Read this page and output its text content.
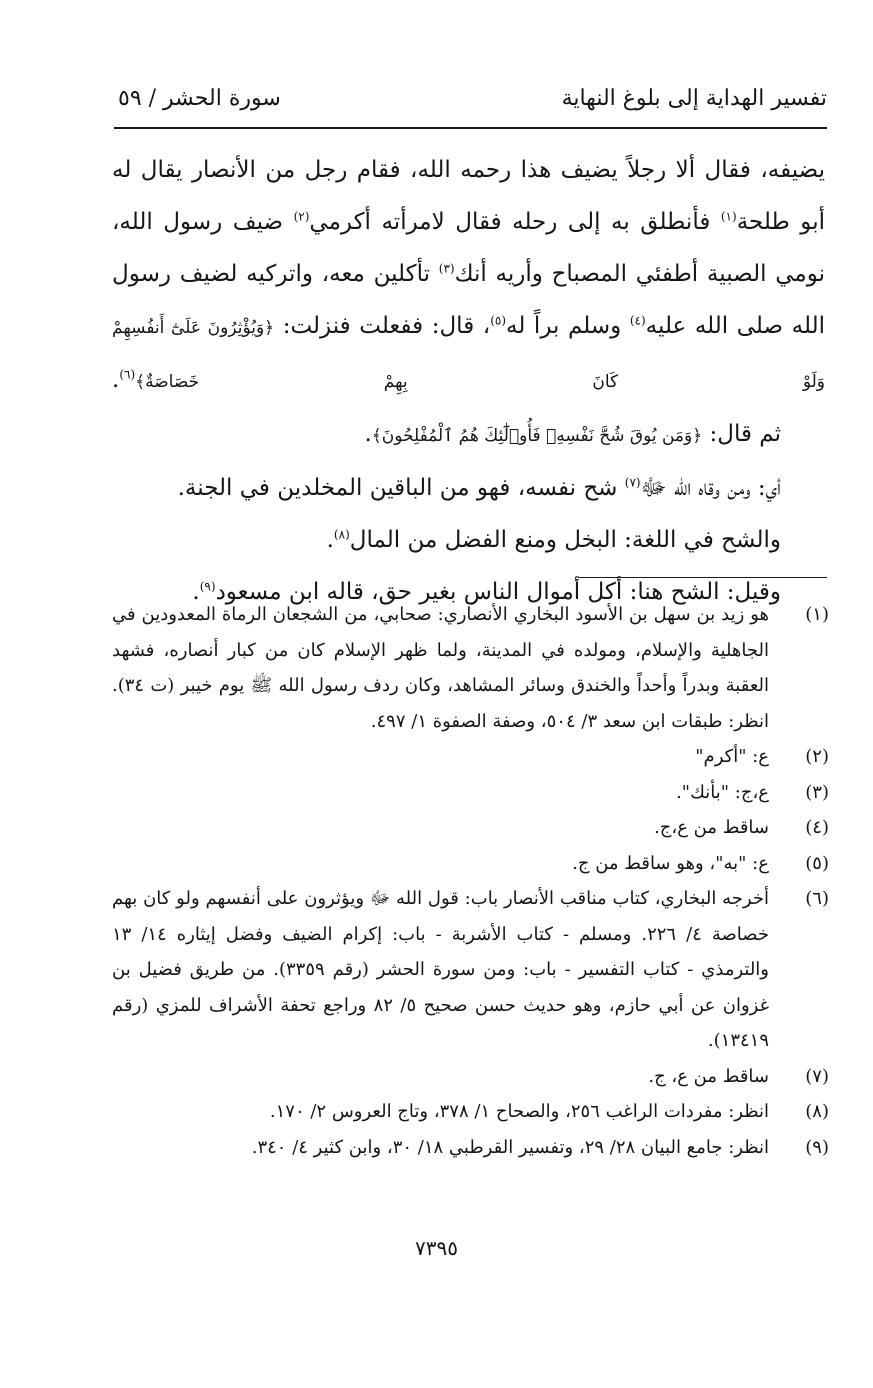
تفسير الهداية إلى بلوغ النهاية
سورة الحشر / ٥٩

يضيفه، فقال ألا رجلاً يضيف هذا رحمه الله، فقام رجل من الأنصار يقال له أبو طلحة$^{(١)}$ فأنطلق به إلى رحله فقال لامرأته أكرمي$^{(٢)}$ ضيف رسول الله، نومي الصبية أطفئي المصباح وأريه أنك$^{(٣)}$ تأكلين معه، واتركيه لضيف رسول الله صلى الله عليه$^{(٤)}$ وسلم براً له$^{(٥)}$، قال: ففعلت فنزلت: ﴿وَيُؤْثِرُونَ عَلَىٰٓ أَنفُسِهِمْ وَلَوْ كَانَ بِهِمْ خَصَاصَةٌ﴾$^{(٦)}$.

ثم قال: ﴿وَمَن يُوقَ شُحَّ نَفْسِهِۦ فَأُو۟لَٰٓئِكَ هُمُ ٱلْمُفْلِحُونَ﴾.

أي: ومن وقاه الله ﷻ$^{(٧)}$ شح نفسه، فهو من الباقين المخلدين في الجنة.

والشح في اللغة: البخل ومنع الفضل من المال$^{(٨)}$.

وقيل: الشح هنا: أكل أموال الناس بغير حق، قاله ابن مسعود$^{(٩)}$.

(١)
هو زيد بن سهل بن الأسود البخاري الأنصاري: صحابي، من الشجعان الرماة المعدودين في الجاهلية والإسلام، ومولده في المدينة، ولما ظهر الإسلام كان من كبار أنصاره، فشهد العقبة وبدراً وأحداً والخندق وسائر المشاهد، وكان ردف رسول الله ﷺ يوم خيبر (ت ٣٤). انظر: طبقات ابن سعد ٣/ ٥٠٤، وصفة الصفوة ١/ ٤٩٧.
(٢)
ع: "أكرم"
(٣)
ع،ج: "بأنك".
(٤)
ساقط من ع،ج.
(٥)
ع: "به"، وهو ساقط من ج.
(٦)
أخرجه البخاري، كتاب مناقب الأنصار باب: قول الله ﷻ ويؤثرون على أنفسهم ولو كان بهم خصاصة ٤/ ٢٢٦. ومسلم - كتاب الأشربة - باب: إكرام الضيف وفضل إيثاره ١٤/ ١٣ والترمذي - كتاب التفسير - باب: ومن سورة الحشر (رقم ٣٣٥٩). من طريق فضيل بن غزوان عن أبي حازم، وهو حديث حسن صحيح ٥/ ٨٢ وراجع تحفة الأشراف للمزي (رقم ١٣٤١٩).
(٧)
ساقط من ع، ج.
(٨)
انظر: مفردات الراغب ٢٥٦، والصحاح ١/ ٣٧٨، وتاج العروس ٢/ ١٧٠.
(٩)
انظر: جامع البيان ٢٨/ ٢٩، وتفسير القرطبي ١٨/ ٣٠، وابن كثير ٤/ ٣٤٠.
٧٣٩٥
